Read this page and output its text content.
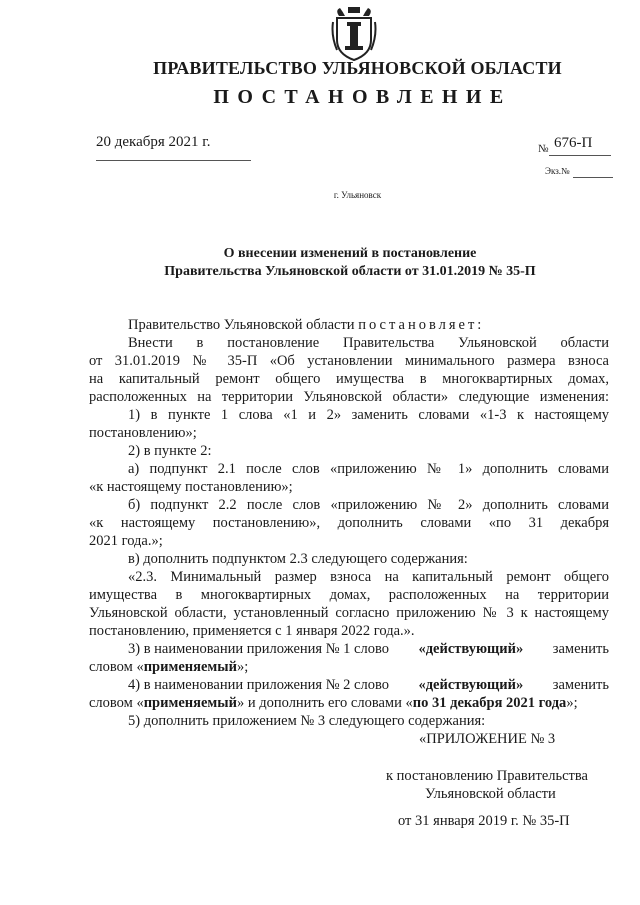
ПРАВИТЕЛЬСТВО УЛЬЯНОВСКОЙ ОБЛАСТИ
ПОСТАНОВЛЕНИЕ
20 декабря 2021 г.	№ 676-П
Экз.№
г. Ульяновск
О внесении изменений в постановление
Правительства Ульяновской области от 31.01.2019 № 35-П
Правительство Ульяновской области постановляет:
Внести в постановление Правительства Ульяновской области
от 31.01.2019 № 35-П «Об установлении минимального размера взноса
на капитальный ремонт общего имущества в многоквартирных домах,
расположенных на территории Ульяновской области» следующие изменения:
1) в пункте 1 слова «1 и 2» заменить словами «1-3 к настоящему
постановлению»;
2) в пункте 2:
а) подпункт 2.1 после слов «приложению № 1» дополнить словами
«к настоящему постановлению»;
б) подпункт 2.2 после слов «приложению № 2» дополнить словами
«к настоящему постановлению», дополнить словами «по 31 декабря
2021 года.»;
в) дополнить подпунктом 2.3 следующего содержания:
«2.3. Минимальный размер взноса на капитальный ремонт общего
имущества в многоквартирных домах, расположенных на территории
Ульяновской области, установленный согласно приложению № 3 к настоящему
постановлению, применяется с 1 января 2022 года.».
3) в наименовании приложения № 1 слово «действующий» заменить
словом «применяемый»;
4) в наименовании приложения № 2 слово «действующий» заменить
словом «применяемый» и дополнить его словами «по 31 декабря 2021 года»;
5) дополнить приложением № 3 следующего содержания:
«ПРИЛОЖЕНИЕ № 3
к постановлению Правительства
Ульяновской области
от 31 января 2019 г. № 35-П
